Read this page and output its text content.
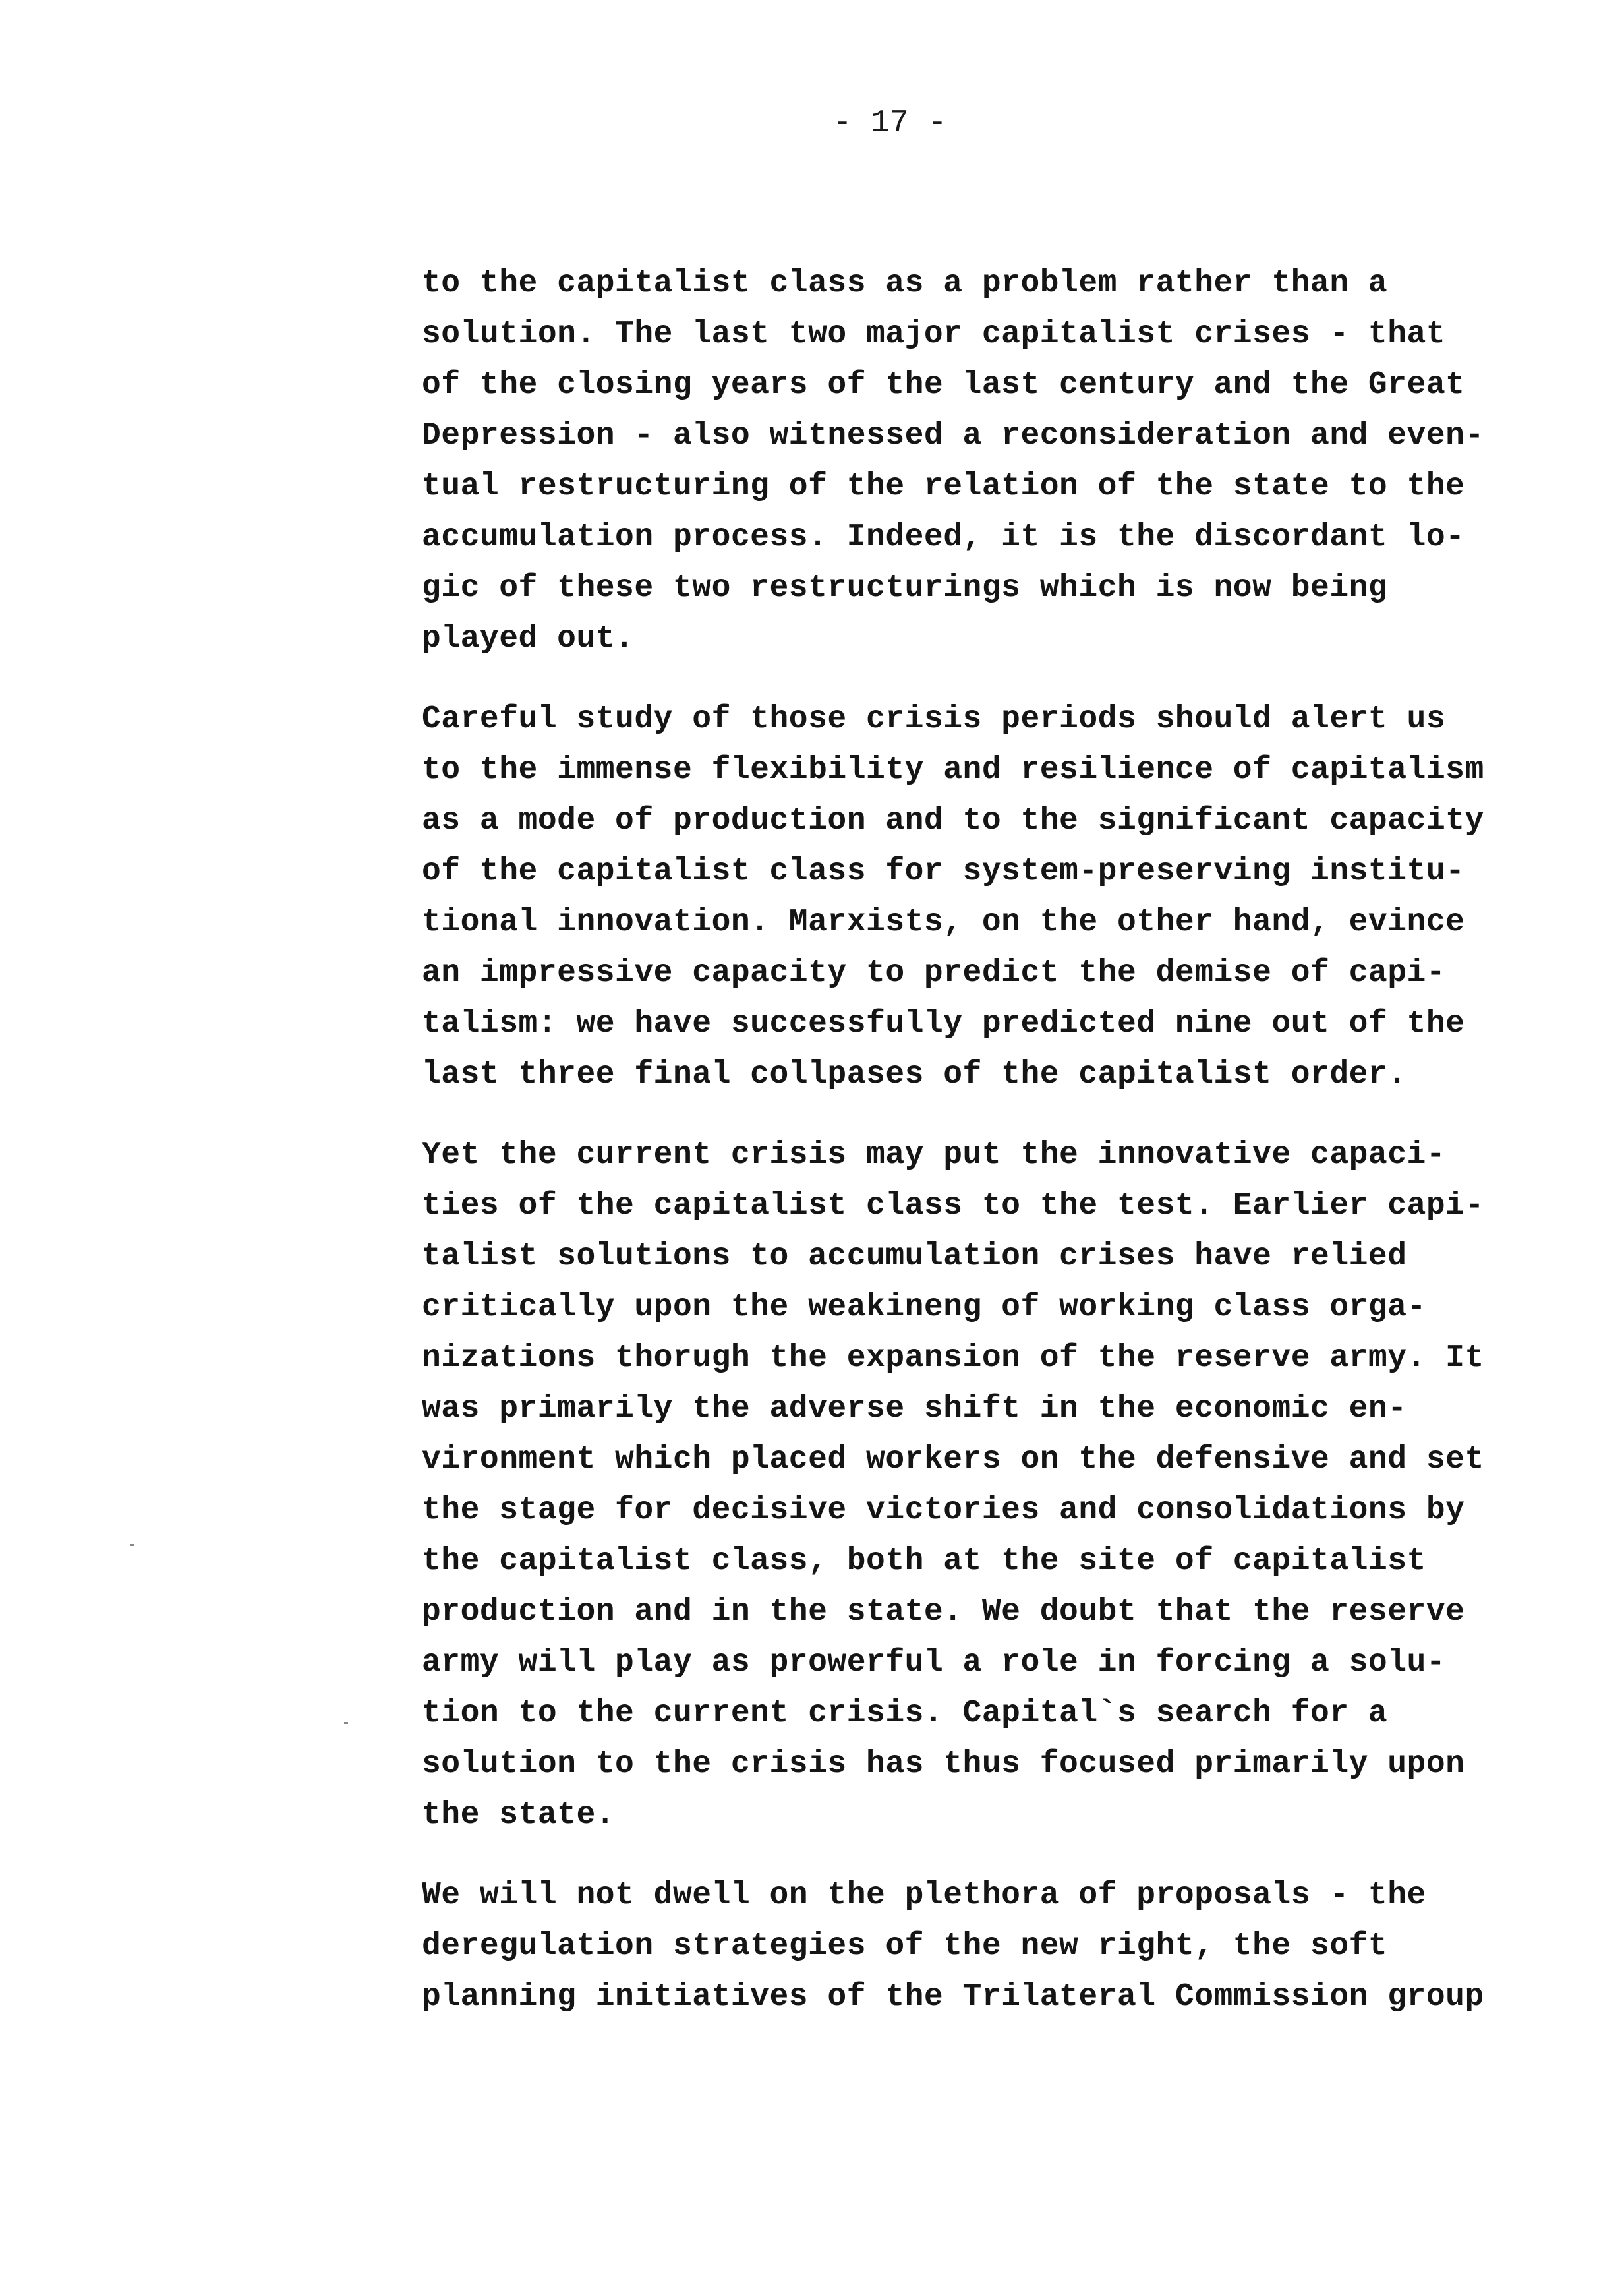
- 17 -
to the capitalist class as a problem rather than a
solution. The last two major capitalist crises - that
of the closing years of the last century and the Great
Depression - also witnessed a reconsideration and even-
tual restructuring of the relation of the state to the
accumulation process. Indeed, it is the discordant lo-
gic of these two restructurings which is now being
played out.
Careful study of those crisis periods should alert us
to the immense flexibility and resilience of capitalism
as a mode of production and to the significant capacity
of the capitalist class for system-preserving institu-
tional innovation. Marxists, on the other hand, evince
an impressive capacity to predict the demise of capi-
talism: we have successfully predicted nine out of the
last three final collpases of the capitalist order.
Yet the current crisis may put the innovative capaci-
ties of the capitalist class to the test. Earlier capi-
talist solutions to accumulation crises have relied
critically upon the weakineng of working class orga-
nizations thorugh the expansion of the reserve army. It
was primarily the adverse shift in the economic en-
vironment which placed workers on the defensive and set
the stage for decisive victories and consolidations by
the capitalist class, both at the site of capitalist
production and in the state. We doubt that the reserve
army will play as prowerful a role in forcing a solu-
tion to the current crisis. Capital`s search for a
solution to the crisis has thus focused primarily upon
the state.
We will not dwell on the plethora of proposals - the
deregulation strategies of the new right, the soft
planning initiatives of the Trilateral Commission group
